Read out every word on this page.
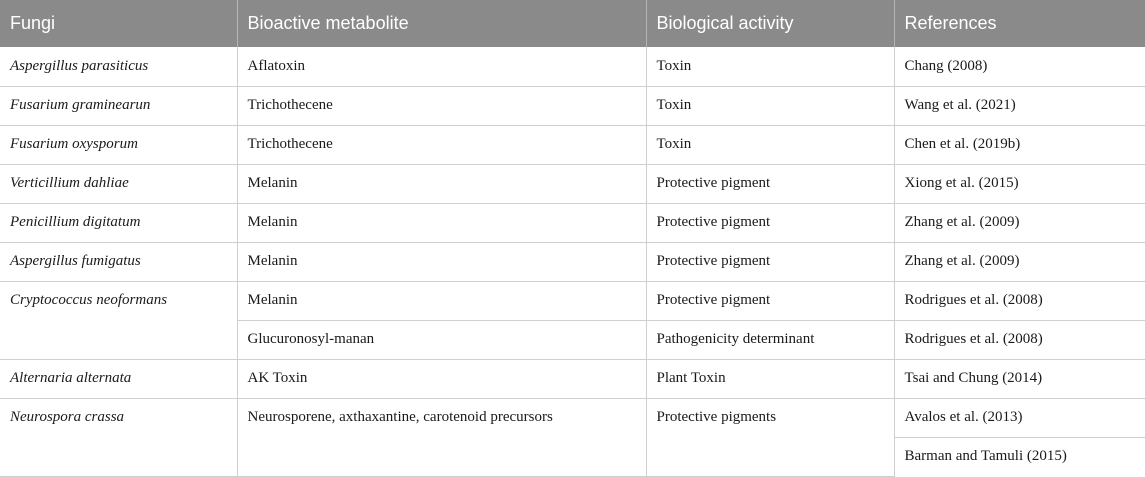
Fungi	Bioactive metabolite	Biological activity	References
Aspergillus parasiticus	Aflatoxin	Toxin	Chang (2008)
Fusarium graminearun	Trichothecene	Toxin	Wang et al. (2021)
Fusarium oxysporum	Trichothecene	Toxin	Chen et al. (2019b)
Verticillium dahliae	Melanin	Protective pigment	Xiong et al. (2015)
Penicillium digitatum	Melanin	Protective pigment	Zhang et al. (2009)
Aspergillus fumigatus	Melanin	Protective pigment	Zhang et al. (2009)
Cryptococcus neoformans	Melanin	Protective pigment	Rodrigues et al. (2008)
	Glucuronosyl-manan	Pathogenicity determinant	Rodrigues et al. (2008)
Alternaria alternata	AK Toxin	Plant Toxin	Tsai and Chung (2014)
Neurospora crassa	Neurosporene, axthaxantine, carotenoid precursors	Protective pigments	Avalos et al. (2013)
			Barman and Tamuli (2015)
